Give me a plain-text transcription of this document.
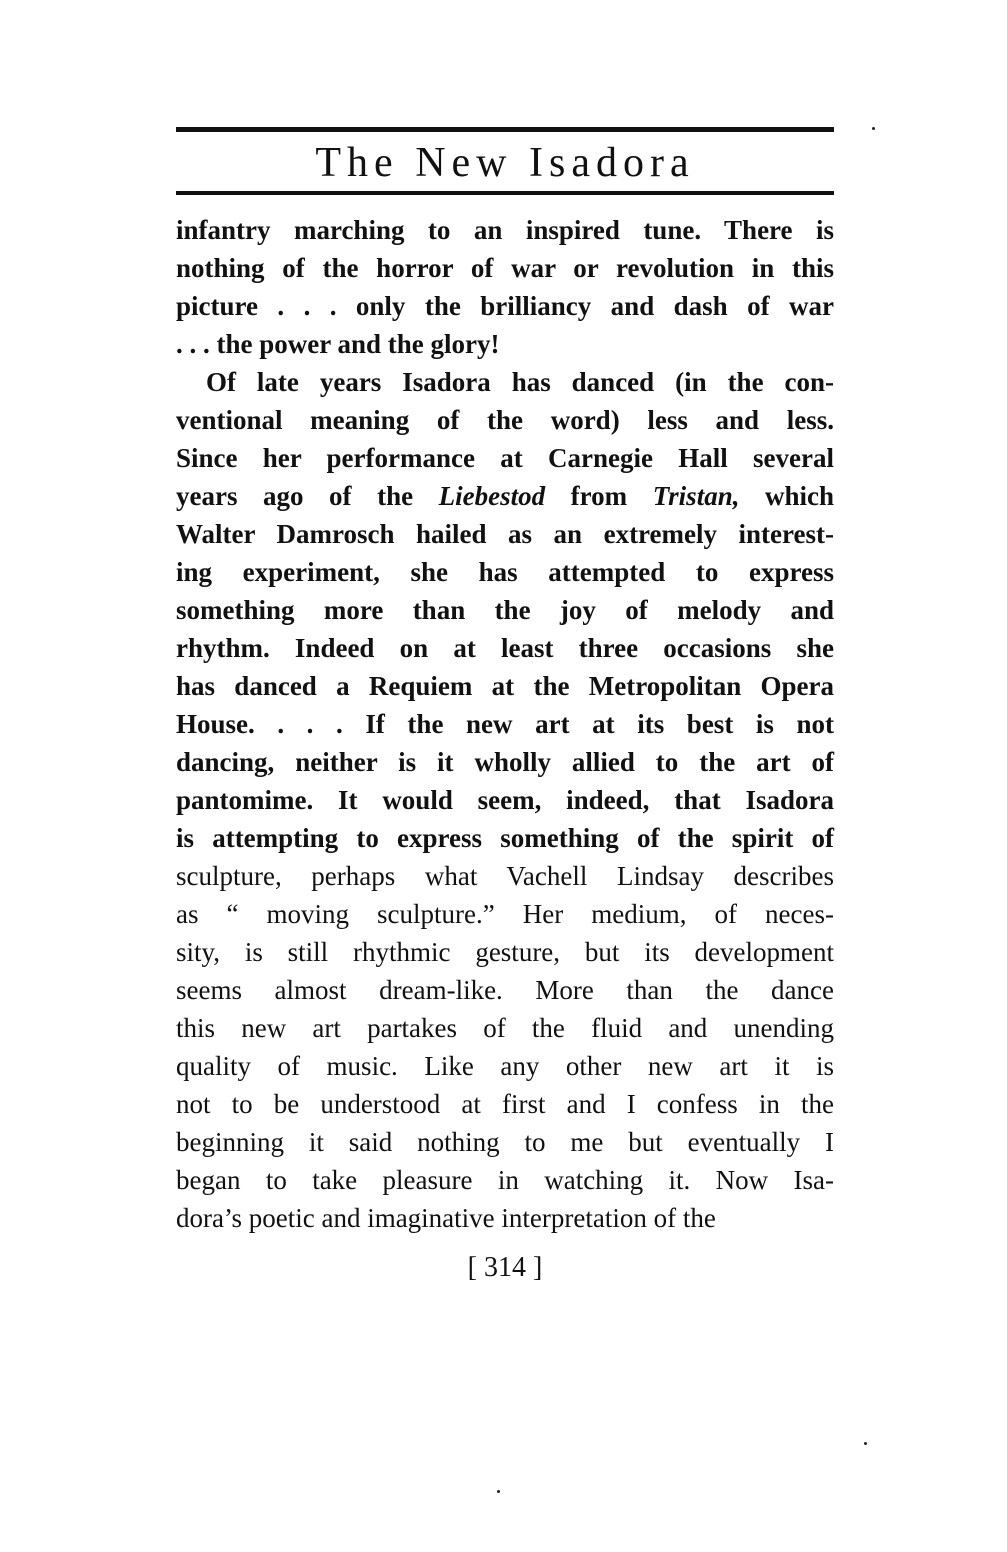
The New Isadora
infantry marching to an inspired tune. There is
nothing of the horror of war or revolution in this
picture . . . only the brilliancy and dash of war
. . . the power and the glory!
Of late years Isadora has danced (in the con-
ventional meaning of the word) less and less.
Since her performance at Carnegie Hall several
years ago of the Liebestod from Tristan, which
Walter Damrosch hailed as an extremely interest-
ing experiment, she has attempted to express
something more than the joy of melody and
rhythm. Indeed on at least three occasions she
has danced a Requiem at the Metropolitan Opera
House. . . . If the new art at its best is not
dancing, neither is it wholly allied to the art of
pantomime. It would seem, indeed, that Isadora
is attempting to express something of the spirit of
sculpture, perhaps what Vachell Lindsay describes
as “ moving sculpture.” Her medium, of neces-
sity, is still rhythmic gesture, but its development
seems almost dream-like. More than the dance
this new art partakes of the fluid and unending
quality of music. Like any other new art it is
not to be understood at first and I confess in the
beginning it said nothing to me but eventually I
began to take pleasure in watching it. Now Isa-
dora’s poetic and imaginative interpretation of the
[ 314 ]
